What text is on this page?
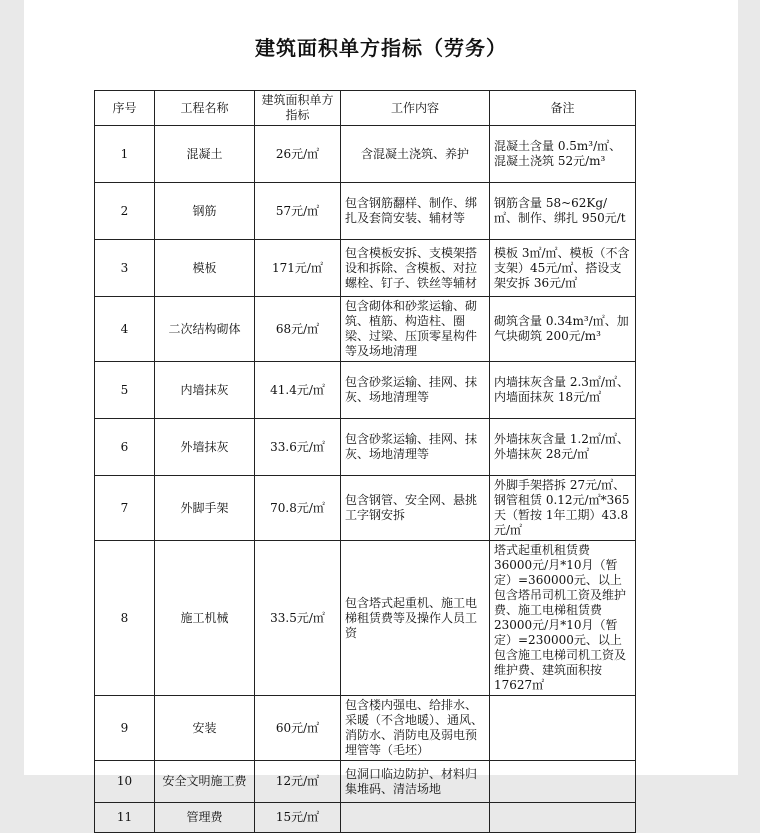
建筑面积单方指标（劳务）
序号	工程名称	建筑面积单方指标	工作内容	备注
1	混凝土	26元/㎡	含混凝土浇筑、养护	混凝土含量 0.5m³/㎡、混凝土浇筑 52元/m³
2	钢筋	57元/㎡	包含钢筋翻样、制作、绑扎及套筒安装、辅材等	钢筋含量 58~62Kg/㎡、制作、绑扎 950元/t
3	模板	171元/㎡	包含模板安拆、支模架搭设和拆除、含模板、对拉螺栓、钉子、铁丝等辅材	模板 3㎡/㎡、模板（不含支架）45元/㎡、搭设支架安拆 36元/㎡
4	二次结构砌体	68元/㎡	包含砌体和砂浆运输、砌筑、植筋、构造柱、圈梁、过梁、压顶零星构件等及场地清理	砌筑含量 0.34m³/㎡、加气块砌筑 200元/m³
5	内墙抹灰	41.4元/㎡	包含砂浆运输、挂网、抹灰、场地清理等	内墙抹灰含量 2.3㎡/㎡、内墙面抹灰 18元/㎡
6	外墙抹灰	33.6元/㎡	包含砂浆运输、挂网、抹灰、场地清理等	外墙抹灰含量 1.2㎡/㎡、外墙抹灰 28元/㎡
7	外脚手架	70.8元/㎡	包含钢管、安全网、悬挑工字钢安拆	外脚手架搭拆 27元/㎡、钢管租赁 0.12元/㎡*365天（暂按 1年工期）43.8元/㎡
8	施工机械	33.5元/㎡	包含塔式起重机、施工电梯租赁费等及操作人员工资	塔式起重机租赁费 36000元/月*10月（暂定）=360000元、以上包含塔吊司机工资及维护费、施工电梯租赁费 23000元/月*10月（暂定）=230000元、以上包含施工电梯司机工资及维护费、建筑面积按 17627㎡
9	安装	60元/㎡	包含楼内强电、给排水、采暖（不含地暖）、通风、消防水、消防电及弱电预埋管等（毛坯）	
10	安全文明施工费	12元/㎡	包洞口临边防护、材料归集堆码、清洁场地	
11	管理费	15元/㎡		
